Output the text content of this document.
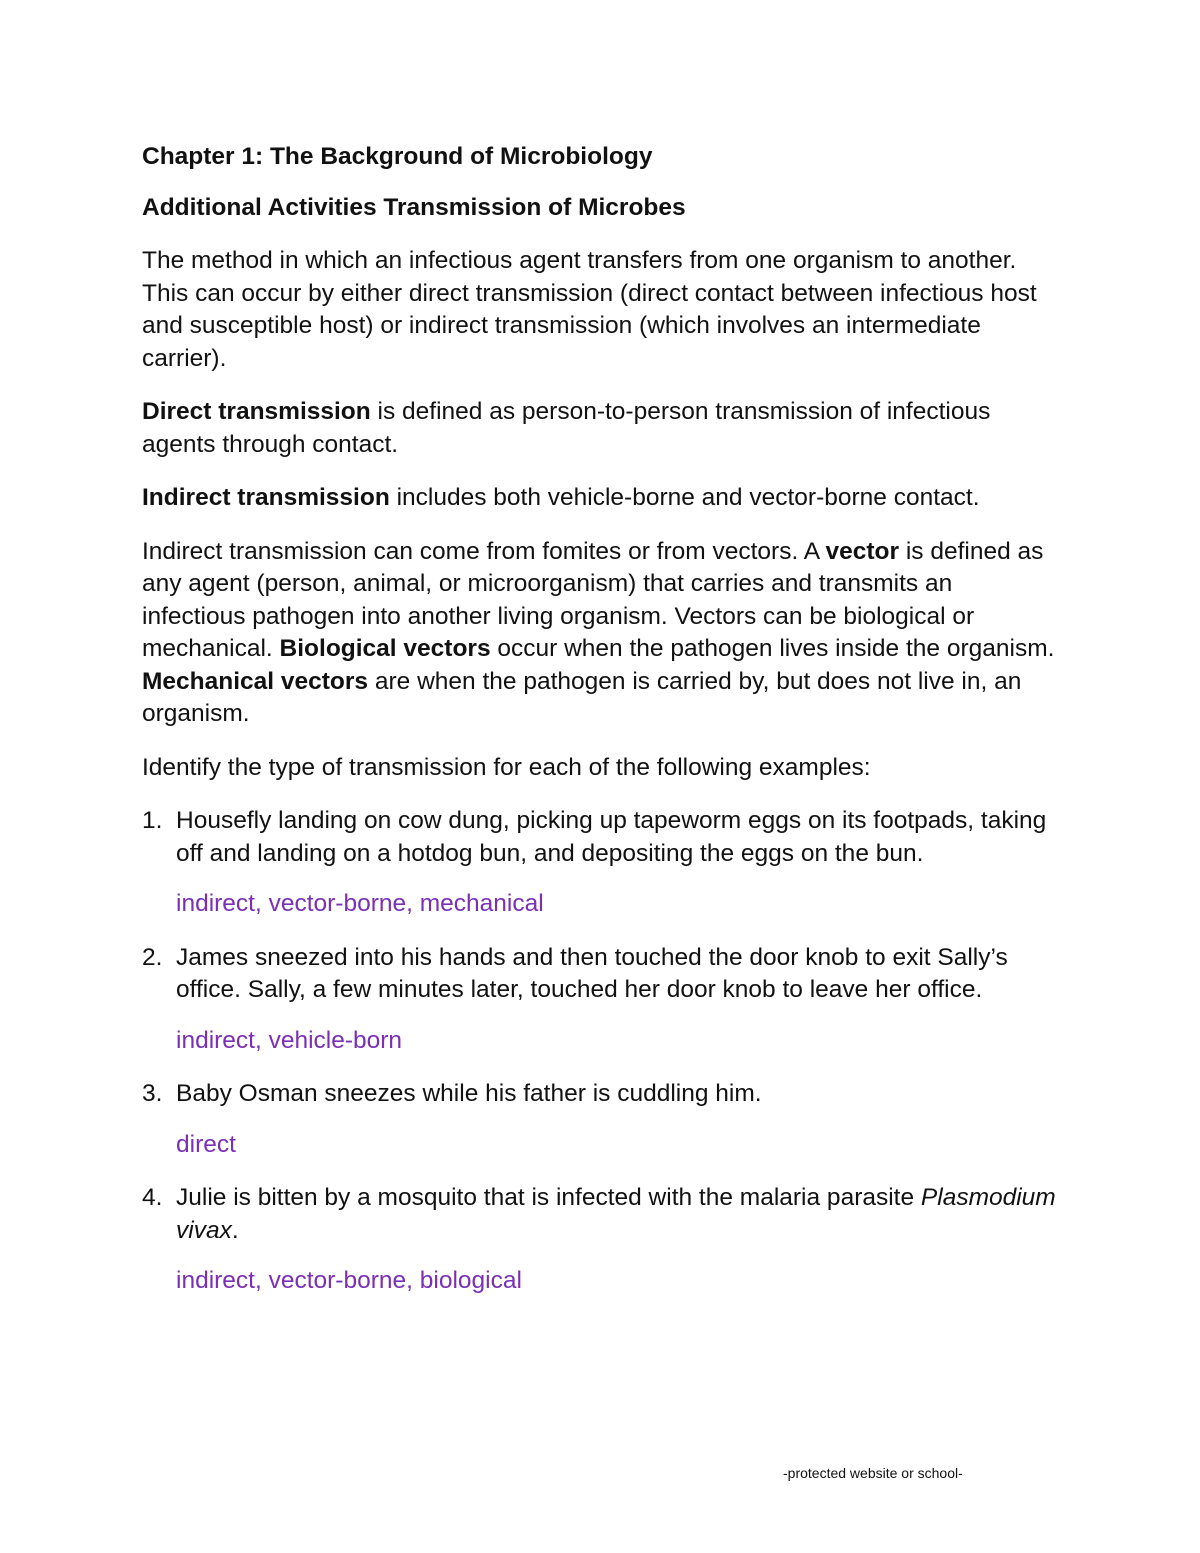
Chapter 1: The Background of Microbiology
Additional Activities Transmission of Microbes

The method in which an infectious agent transfers from one organism to another. This can occur by either direct transmission (direct contact between infectious host and susceptible host) or indirect transmission (which involves an intermediate carrier).

Direct transmission is defined as person-to-person transmission of infectious agents through contact.

Indirect transmission includes both vehicle-borne and vector-borne contact.

Indirect transmission can come from fomites or from vectors. A vector is defined as any agent (person, animal, or microorganism) that carries and transmits an infectious pathogen into another living organism. Vectors can be biological or mechanical. Biological vectors occur when the pathogen lives inside the organism. Mechanical vectors are when the pathogen is carried by, but does not live in, an organism.

Identify the type of transmission for each of the following examples:

1. Housefly landing on cow dung, picking up tapeworm eggs on its footpads, taking off and landing on a hotdog bun, and depositing the eggs on the bun.
indirect, vector-borne, mechanical
2. James sneezed into his hands and then touched the door knob to exit Sally’s office. Sally, a few minutes later, touched her door knob to leave her office.
indirect, vehicle-born
3. Baby Osman sneezes while his father is cuddling him.
direct
4. Julie is bitten by a mosquito that is infected with the malaria parasite Plasmodium vivax.
indirect, vector-borne, biological
-protected website or school-
